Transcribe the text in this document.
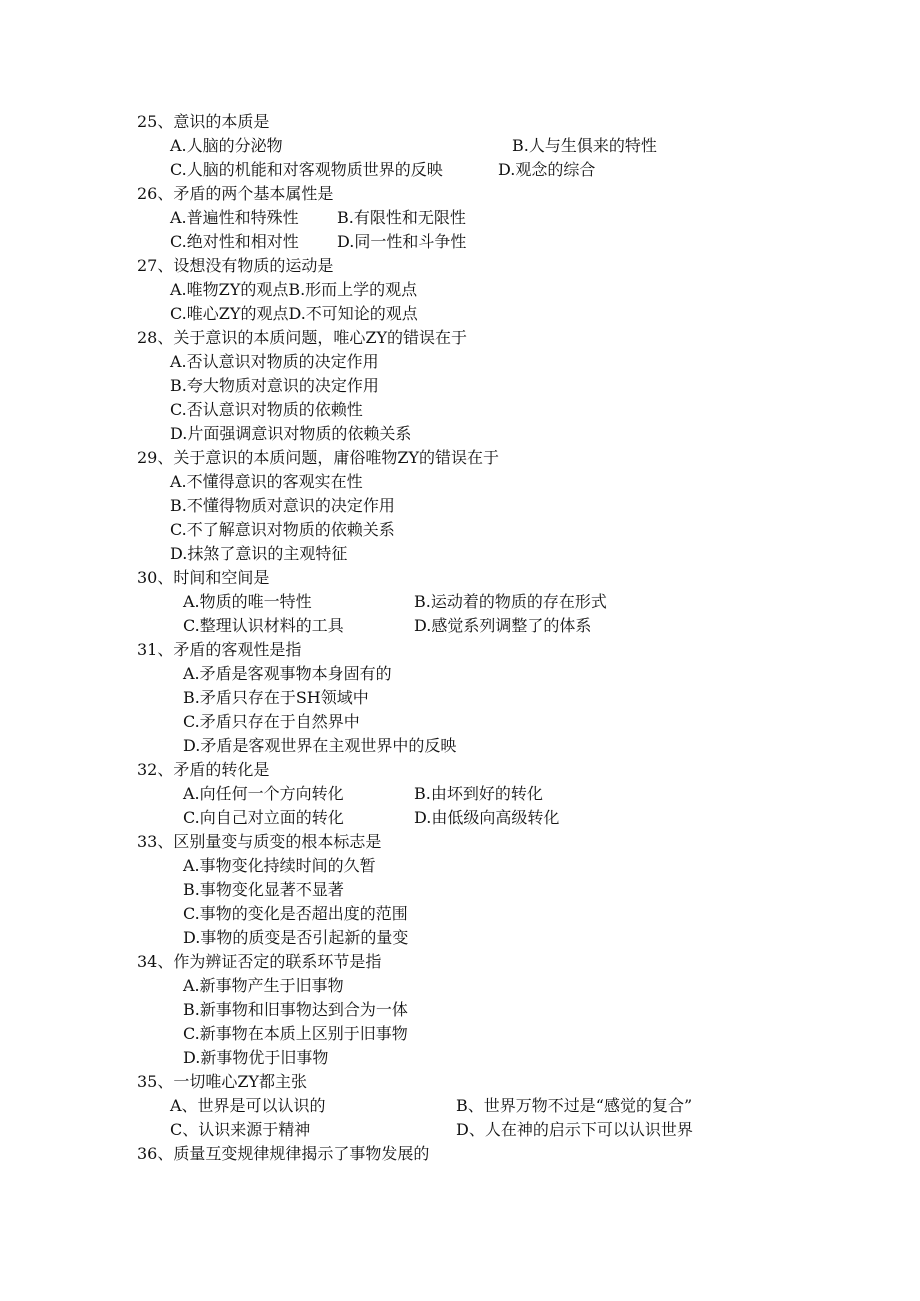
25、意识的本质是
A.人脑的分泌物	B.人与生俱来的特性
C.人脑的机能和对客观物质世界的反映	D.观念的综合
26、矛盾的两个基本属性是
A.普遍性和特殊性 B.有限性和无限性
C.绝对性和相对性 D.同一性和斗争性
27、设想没有物质的运动是
A.唯物ZY的观点B.形而上学的观点
C.唯心ZY的观点D.不可知论的观点
28、关于意识的本质问题，唯心ZY的错误在于
A.否认意识对物质的决定作用
B.夸大物质对意识的决定作用
C.否认意识对物质的依赖性
D.片面强调意识对物质的依赖关系
29、关于意识的本质问题，庸俗唯物ZY的错误在于
A.不懂得意识的客观实在性
B.不懂得物质对意识的决定作用
C.不了解意识对物质的依赖关系
D.抹煞了意识的主观特征
30、时间和空间是
A.物质的唯一特性	B.运动着的物质的存在形式
C.整理认识材料的工具	D.感觉系列调整了的体系
31、矛盾的客观性是指
A.矛盾是客观事物本身固有的
B.矛盾只存在于SH领域中
C.矛盾只存在于自然界中
D.矛盾是客观世界在主观世界中的反映
32、矛盾的转化是
A.向任何一个方向转化	B.由坏到好的转化
C.向自己对立面的转化	D.由低级向高级转化
33、区别量变与质变的根本标志是
A.事物变化持续时间的久暂
B.事物变化显著不显著
C.事物的变化是否超出度的范围
D.事物的质变是否引起新的量变
34、作为辨证否定的联系环节是指
A.新事物产生于旧事物
B.新事物和旧事物达到合为一体
C.新事物在本质上区别于旧事物
D.新事物优于旧事物
35、一切唯心ZY都主张
A、世界是可以认识的	B、世界万物不过是“感觉的复合”
C、认识来源于精神	D、人在神的启示下可以认识世界
36、质量互变规律规律揭示了事物发展的
